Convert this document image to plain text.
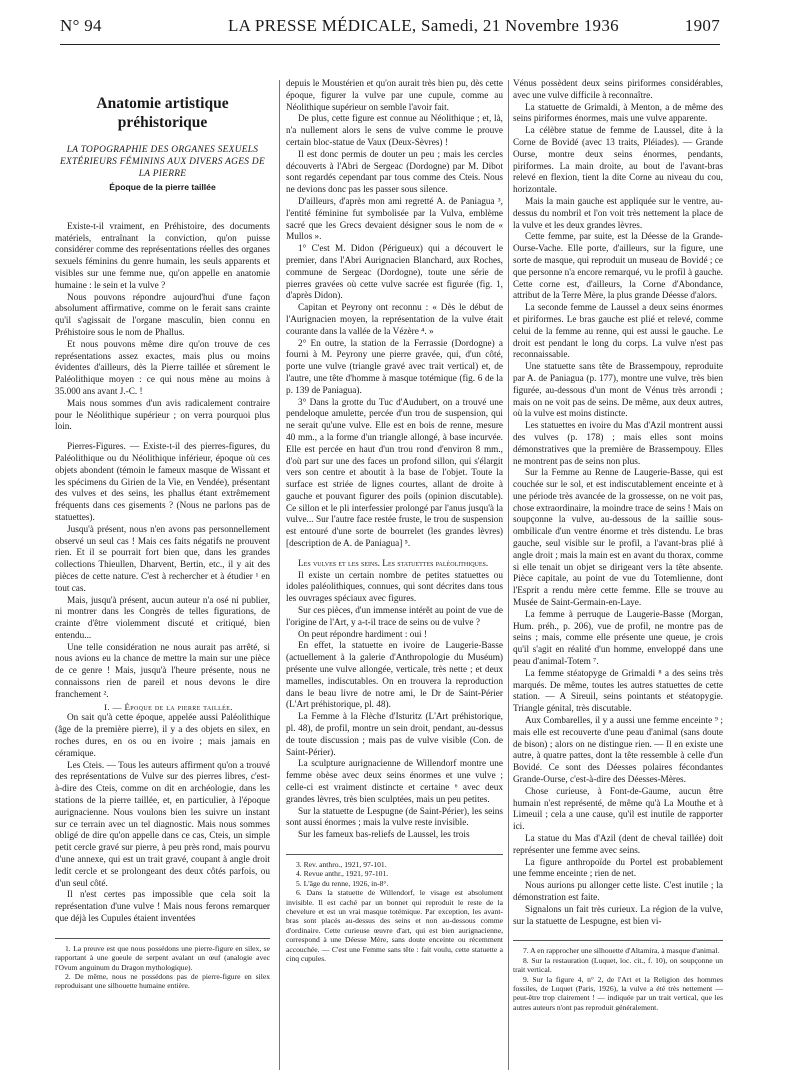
N° 94	LA PRESSE MÉDICALE, Samedi, 21 Novembre 1936	1907

Anatomie artistique préhistorique

LA TOPOGRAPHIE DES ORGANES SEXUELS EXTÉRIEURS FÉMININS AUX DIVERS AGES DE LA PIERRE

Époque de la pierre taillée

Existe-t-il vraiment, en Préhistoire, des documents matériels, entraînant la conviction, qu'on puisse considérer comme des représentations réelles des organes sexuels féminins du genre humain, les seuls apparents et visibles sur une femme nue, qu'on appelle en anatomie humaine : le sein et la vulve ?

Nous pouvons répondre aujourd'hui d'une façon absolument affirmative, comme on le ferait sans crainte qu'il s'agissait de l'organe masculin, bien connu en Préhistoire sous le nom de Phallus.

Et nous pouvons même dire qu'on trouve de ces représentations assez exactes, mais plus ou moins évidentes d'ailleurs, dès la Pierre taillée et sûrement le Paléolithique moyen : ce qui nous mène au moins à 35.000 ans avant J.-C. !

Mais nous sommes d'un avis radicalement contraire pour le Néolithique supérieur ; on verra pourquoi plus loin.

Pierres-Figures. — Existe-t-il des pierres-figures, du Paléolithique ou du Néolithique inférieur, époque où ces objets abondent (témoin le fameux masque de Wissant et les spécimens du Girien de la Vie, en Vendée), présentant des vulves et des seins, les phallus étant extrêmement fréquents dans ces gisements ? (Nous ne parlons pas de statuettes).

Jusqu'à présent, nous n'en avons pas personnellement observé un seul cas ! Mais ces faits négatifs ne prouvent rien. Et il se pourrait fort bien que, dans les grandes collections Thieullen, Dharvent, Bertin, etc., il y ait des pièces de cette nature. C'est à rechercher et à étudier ¹ en tout cas.

Mais, jusqu'à présent, aucun auteur n'a osé ni publier, ni montrer dans les Congrès de telles figurations, de crainte d'être violemment discuté et critiqué, bien entendu...

Une telle considération ne nous aurait pas arrêté, si nous avions eu la chance de mettre la main sur une pièce de ce genre ! Mais, jusqu'à l'heure présente, nous ne connaissons rien de pareil et nous devons le dire franchement ².

I. — Époque de la pierre taillée.

On sait qu'à cette époque, appelée aussi Paléolithique (âge de la première pierre), il y a des objets en silex, en roches dures, en os ou en ivoire ; mais jamais en céramique.

Les Cteis. — Tous les auteurs affirment qu'on a trouvé des représentations de Vulve sur des pierres libres, c'est-à-dire des Cteis, comme on dit en archéologie, dans les stations de la pierre taillée, et, en particulier, à l'époque aurignacienne. Nous voulons bien les suivre un instant sur ce terrain avec un tel diagnostic. Mais nous sommes obligé de dire qu'on appelle dans ce cas, Cteis, un simple petit cercle gravé sur pierre, à peu près rond, mais pourvu d'une annexe, qui est un trait gravé, coupant à angle droit ledit cercle et se prolongeant des deux côtés parfois, ou d'un seul côté.

Il n'est certes pas impossible que cela soit la représentation d'une vulve ! Mais nous ferons remarquer que déjà les Cupules étaient inventées

1. La preuve est que nous possédons une pierre-figure en silex, se rapportant à une gueule de serpent avalant un œuf (analogie avec l'Ovum anguinum du Dragon mythologique).

2. De même, nous ne possédons pas de pierre-figure en silex reproduisant une silhouette humaine entière.

depuis le Moustérien et qu'on aurait très bien pu, dès cette époque, figurer la vulve par une cupule, comme au Néolithique supérieur on semble l'avoir fait.

De plus, cette figure est connue au Néolithique ; et, là, n'a nullement alors le sens de vulve comme le prouve certain bloc-statue de Vaux (Deux-Sèvres) !

Il est donc permis de douter un peu ; mais les cercles découverts à l'Abri de Sergeac (Dordogne) par M. Dibot sont regardés cependant par tous comme des Cteis. Nous ne devions donc pas les passer sous silence.

D'ailleurs, d'après mon ami regretté A. de Paniagua ³, l'entité féminine fut symbolisée par la Vulva, emblème sacré que les Grecs devaient désigner sous le nom de « Mullos ».

1° C'est M. Didon (Périgueux) qui a découvert le premier, dans l'Abri Aurignacien Blanchard, aux Roches, commune de Sergeac (Dordogne), toute une série de pierres gravées où cette vulve sacrée est figurée (fig. 1, d'après Didon).

Capitan et Peyrony ont reconnu : « Dès le début de l'Aurignacien moyen, la représentation de la vulve était courante dans la vallée de la Vézère ⁴. »

2° En outre, la station de la Ferrassie (Dordogne) a fourni à M. Peyrony une pierre gravée, qui, d'un côté, porte une vulve (triangle gravé avec trait vertical) et, de l'autre, une tête d'homme à masque totémique (fig. 6 de la p. 139 de Paniagua).

3° Dans la grotte du Tuc d'Audubert, on a trouvé une pendeloque amulette, percée d'un trou de suspension, qui ne serait qu'une vulve. Elle est en bois de renne, mesure 40 mm., a la forme d'un triangle allongé, à base incurvée. Elle est percée en haut d'un trou rond d'environ 8 mm., d'où part sur une des faces un profond sillon, qui s'élargit vers son centre et aboutit à la base de l'objet. Toute la surface est striée de lignes courtes, allant de droite à gauche et pouvant figurer des poils (opinion discutable). Ce sillon et le pli interfessier prolongé par l'anus jusqu'à la vulve... Sur l'autre face restée fruste, le trou de suspension est entouré d'une sorte de bourrelet (les grandes lèvres) [description de A. de Paniagua] ⁵.

Les vulves et les seins. Les statuettes paléolithiques.

Il existe un certain nombre de petites statuettes ou idoles paléolithiques, connues, qui sont décrites dans tous les ouvrages spéciaux avec figures.

Sur ces pièces, d'un immense intérêt au point de vue de l'origine de l'Art, y a-t-il trace de seins ou de vulve ?

On peut répondre hardiment : oui !

En effet, la statuette en ivoire de Laugerie-Basse (actuellement à la galerie d'Anthropologie du Muséum) présente une vulve allongée, verticale, très nette ; et deux mamelles, indiscutables. On en trouvera la reproduction dans le beau livre de notre ami, le Dr de Saint-Périer (L'Art préhistorique, pl. 48).

La Femme à la Flèche d'Isturitz (L'Art préhistorique, pl. 48), de profil, montre un sein droit, pendant, au-dessus de toute discussion ; mais pas de vulve visible (Con. de Saint-Périer).

La sculpture aurignacienne de Willendorf montre une femme obèse avec deux seins énormes et une vulve ; celle-ci est vraiment distincte et certaine ⁶ avec deux grandes lèvres, très bien sculptées, mais un peu petites.

Sur la statuette de Lespugne (de Saint-Périer), les seins sont aussi énormes ; mais la vulve reste invisible.

Sur les fameux bas-reliefs de Laussel, les trois

3. Rev. anthro., 1921, 97-101.

4. Revue anthr., 1921, 97-101.

5. L'âge du renne, 1926, in-8°.

6. Dans la statuette de Willendorf, le visage est absolument invisible. Il est caché par un bonnet qui reproduit le reste de la chevelure et est un vrai masque totémique. Par exception, les avant-bras sont placés au-dessus des seins et non au-dessous comme d'ordinaire. Cette curieuse œuvre d'art, qui est bien aurignacienne, correspond à une Déesse Mère, sans doute enceinte ou récemment accouchée. — C'est une Femme sans tête : fait voulu, cette statuette a cinq cupules.

Vénus possèdent deux seins piriformes considérables, avec une vulve difficile à reconnaître.

La statuette de Grimaldi, à Menton, a de même des seins piriformes énormes, mais une vulve apparente.

La célèbre statue de femme de Laussel, dite à la Corne de Bovidé (avec 13 traits, Pléiades). — Grande Ourse, montre deux seins énormes, pendants, piriformes. La main droite, au bout de l'avant-bras relevé en flexion, tient la dite Corne au niveau du cou, horizontale.

Mais la main gauche est appliquée sur le ventre, au-dessus du nombril et l'on voit très nettement la place de la vulve et les deux grandes lèvres.

Cette femme, par suite, est la Déesse de la Grande-Ourse-Vache. Elle porte, d'ailleurs, sur la figure, une sorte de masque, qui reproduit un museau de Bovidé ; ce que personne n'a encore remarqué, vu le profil à gauche. Cette corne est, d'ailleurs, la Corne d'Abondance, attribut de la Terre Mère, la plus grande Déesse d'alors.

La seconde femme de Laussel a deux seins énormes et piriformes. Le bras gauche est plié et relevé, comme celui de la femme au renne, qui est aussi le gauche. Le droit est pendant le long du corps. La vulve n'est pas reconnaissable.

Une statuette sans tête de Brassempouy, reproduite par A. de Paniagua (p. 177), montre une vulve, très bien figurée, au-dessous d'un mont de Vénus très arrondi ; mais on ne voit pas de seins. De même, aux deux autres, où la vulve est moins distincte.

Les statuettes en ivoire du Mas d'Azil montrent aussi des vulves (p. 178) ; mais elles sont moins démonstratives que la première de Brassempouy. Elles ne montrent pas de seins non plus.

Sur la Femme au Renne de Laugerie-Basse, qui est couchée sur le sol, et est indiscutablement enceinte et à une période très avancée de la grossesse, on ne voit pas, chose extraordinaire, la moindre trace de seins ! Mais on soupçonne la vulve, au-dessous de la saillie sous-ombilicale d'un ventre énorme et très distendu. Le bras gauche, seul visible sur le profil, a l'avant-bras plié à angle droit ; mais la main est en avant du thorax, comme si elle tenait un objet se dirigeant vers la tête absente. Pièce capitale, au point de vue du Totemlienne, dont l'Esprit a rendu mère cette femme. Elle se trouve au Musée de Saint-Germain-en-Laye.

La femme à perruque de Laugerie-Basse (Morgan, Hum. préh., p. 206), vue de profil, ne montre pas de seins ; mais, comme elle présente une queue, je crois qu'il s'agit en réalité d'un homme, enveloppé dans une peau d'animal-Totem ⁷.

La femme stéatopyge de Grimaldi ⁸ a des seins très marqués. De même, toutes les autres statuettes de cette station. — A Sireuil, seins pointants et stéatopygie. Triangle génital, très discutable.

Aux Combarelles, il y a aussi une femme enceinte ⁹ ; mais elle est recouverte d'une peau d'animal (sans doute de bison) ; alors on ne distingue rien. — Il en existe une autre, à quatre pattes, dont la tête ressemble à celle d'un Bovidé. Ce sont des Déesses polaires fécondantes Grande-Ourse, c'est-à-dire des Déesses-Mères.

Chose curieuse, à Font-de-Gaume, aucun être humain n'est représenté, de même qu'à La Mouthe et à Limeuil ; cela a une cause, qu'il est inutile de rapporter ici.

La statue du Mas d'Azil (dent de cheval taillée) doit représenter une femme avec seins.

La figure anthropoïde du Portel est probablement une femme enceinte ; rien de net.

Nous aurions pu allonger cette liste. C'est inutile ; la démonstration est faite.

Signalons un fait très curieux. La région de la vulve, sur la statuette de Lespugne, est bien vi-

7. A en rapprocher une silhouette d'Altamira, à masque d'animal.

8. Sur la restauration (Luquet, loc. cit., f. 10), on soupçonne un trait vertical.

9. Sur la figure 4, n° 2, de l'Art et la Religion des hommes fossiles, de Luquet (Paris, 1926), la vulve a été très nettement — peut-être trop clairement ! — indiquée par un trait vertical, que les autres auteurs n'ont pas reproduit généralement.
